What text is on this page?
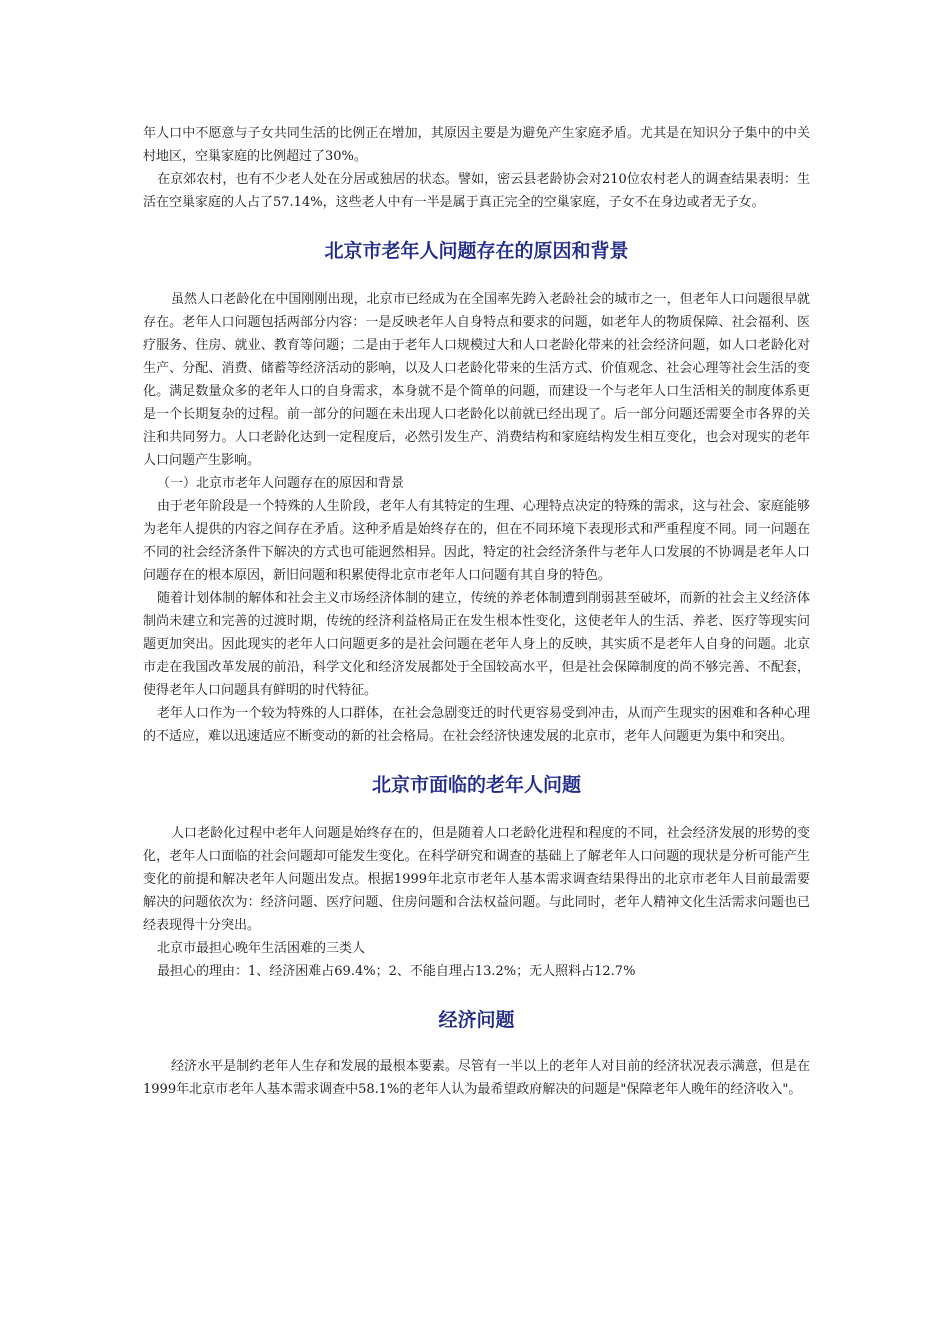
年人口中不愿意与子女共同生活的比例正在增加，其原因主要是为避免产生家庭矛盾。尤其是在知识分子集中的中关村地区，空巢家庭的比例超过了30%。

在京郊农村，也有不少老人处在分居或独居的状态。譬如，密云县老龄协会对210位农村老人的调查结果表明：生活在空巢家庭的人占了57.14%，这些老人中有一半是属于真正完全的空巢家庭，子女不在身边或者无子女。

北京市老年人问题存在的原因和背景

虽然人口老龄化在中国刚刚出现，北京市已经成为在全国率先跨入老龄社会的城市之一，但老年人口问题很早就存在。老年人口问题包括两部分内容：一是反映老年人自身特点和要求的问题，如老年人的物质保障、社会福利、医疗服务、住房、就业、教育等问题；二是由于老年人口规模过大和人口老龄化带来的社会经济问题，如人口老龄化对生产、分配、消费、储蓄等经济活动的影响，以及人口老龄化带来的生活方式、价值观念、社会心理等社会生活的变化。满足数量众多的老年人口的自身需求，本身就不是个简单的问题，而建设一个与老年人口生活相关的制度体系更是一个长期复杂的过程。前一部分的问题在未出现人口老龄化以前就已经出现了。后一部分问题还需要全市各界的关注和共同努力。人口老龄化达到一定程度后，必然引发生产、消费结构和家庭结构发生相互变化，也会对现实的老年人口问题产生影响。

（一）北京市老年人问题存在的原因和背景

由于老年阶段是一个特殊的人生阶段，老年人有其特定的生理、心理特点决定的特殊的需求，这与社会、家庭能够为老年人提供的内容之间存在矛盾。这种矛盾是始终存在的，但在不同环境下表现形式和严重程度不同。同一问题在不同的社会经济条件下解决的方式也可能迥然相异。因此，特定的社会经济条件与老年人口发展的不协调是老年人口问题存在的根本原因，新旧问题和积累使得北京市老年人口问题有其自身的特色。

随着计划体制的解体和社会主义市场经济体制的建立，传统的养老体制遭到削弱甚至破坏，而新的社会主义经济体制尚未建立和完善的过渡时期，传统的经济利益格局正在发生根本性变化，这使老年人的生活、养老、医疗等现实问题更加突出。因此现实的老年人口问题更多的是社会问题在老年人身上的反映，其实质不是老年人自身的问题。北京市走在我国改革发展的前沿，科学文化和经济发展都处于全国较高水平，但是社会保障制度的尚不够完善、不配套，使得老年人口问题具有鲜明的时代特征。

老年人口作为一个较为特殊的人口群体，在社会急剧变迁的时代更容易受到冲击，从而产生现实的困难和各种心理的不适应，难以迅速适应不断变动的新的社会格局。在社会经济快速发展的北京市，老年人问题更为集中和突出。

北京市面临的老年人问题

人口老龄化过程中老年人问题是始终存在的，但是随着人口老龄化进程和程度的不同，社会经济发展的形势的变化，老年人口面临的社会问题却可能发生变化。在科学研究和调查的基础上了解老年人口问题的现状是分析可能产生变化的前提和解决老年人问题出发点。根据1999年北京市老年人基本需求调查结果得出的北京市老年人目前最需要解决的问题依次为：经济问题、医疗问题、住房问题和合法权益问题。与此同时，老年人精神文化生活需求问题也已经表现得十分突出。

北京市最担心晚年生活困难的三类人

最担心的理由：1、经济困难占69.4%；2、不能自理占13.2%；无人照料占12.7%

经济问题

经济水平是制约老年人生存和发展的最根本要素。尽管有一半以上的老年人对目前的经济状况表示满意，但是在1999年北京市老年人基本需求调查中58.1%的老年人认为最希望政府解决的问题是"保障老年人晚年的经济收入"。
